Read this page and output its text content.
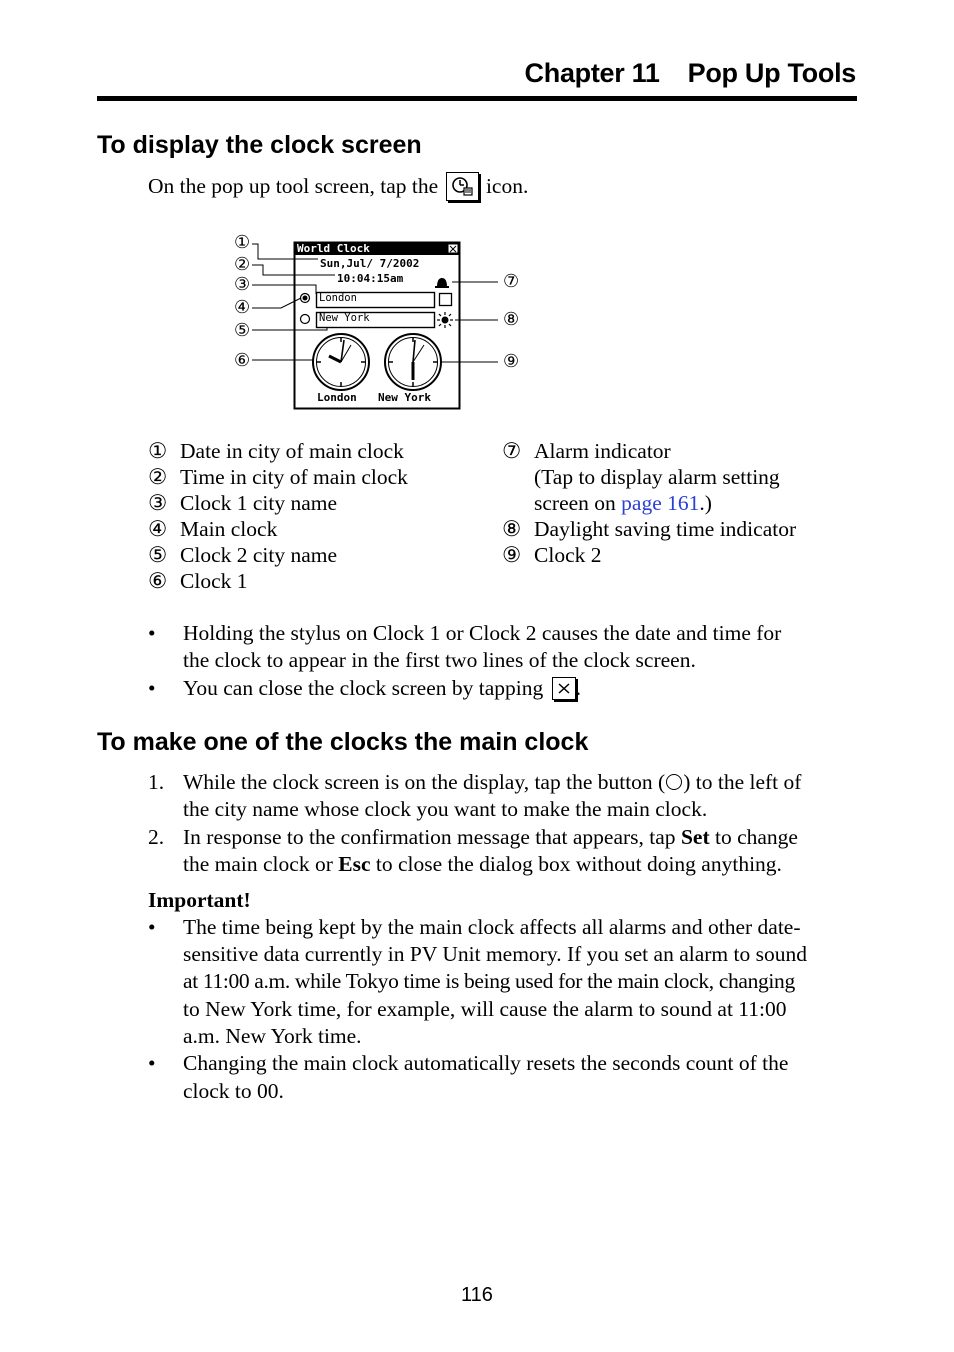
Chapter 11 Pop Up Tools
To display the clock screen
On the pop up tool screen, tap the icon.
World Clock
Sun,Jul/ 7/2002
10:04:15am
London
New York
London New York
①
②
③
④
⑤
⑥
⑦
⑧
⑨
① Date in city of main clock
② Time in city of main clock
③ Clock 1 city name
④ Main clock
⑤ Clock 2 city name
⑥ Clock 1
⑦ Alarm indicator
(Tap to display alarm setting
screen on page 161.)
⑧ Daylight saving time indicator
⑨ Clock 2
• Holding the stylus on Clock 1 or Clock 2 causes the date and time for
the clock to appear in the first two lines of the clock screen.
• You can close the clock screen by tapping .
To make one of the clocks the main clock
1. While the clock screen is on the display, tap the button ( ) to the left of
the city name whose clock you want to make the main clock.
2. In response to the confirmation message that appears, tap Set to change
the main clock or Esc to close the dialog box without doing anything.
Important!
• The time being kept by the main clock affects all alarms and other date-
sensitive data currently in PV Unit memory. If you set an alarm to sound
at 11:00 a.m. while Tokyo time is being used for the main clock, changing
to New York time, for example, will cause the alarm to sound at 11:00
a.m. New York time.
• Changing the main clock automatically resets the seconds count of the
clock to 00.
116
